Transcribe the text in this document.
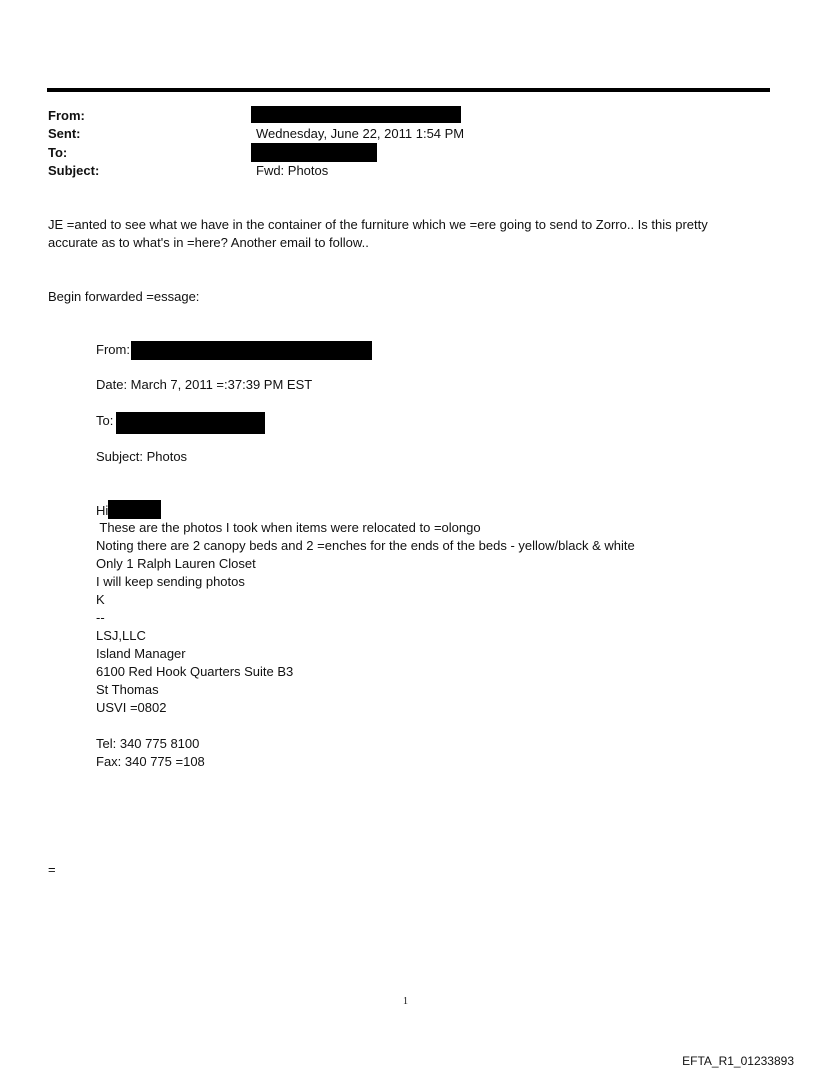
From:
Sent:	Wednesday, June 22, 2011 1:54 PM
To:
Subject:	Fwd: Photos
JE =anted to see what we have in the container of the furniture which we =ere going to send to Zorro.. Is this pretty
accurate as to what's in =here? Another email to follow..
Begin forwarded =essage:
From:
Date: March 7, 2011 =:37:39 PM EST
To:
Subject: Photos
Hi
These are the photos I took when items were relocated to =olongo
Noting there are 2 canopy beds and 2 =enches for the ends of the beds - yellow/black & white
Only 1 Ralph Lauren Closet
I will keep sending photos
K
--
LSJ,LLC
Island Manager
6100 Red Hook Quarters Suite B3
St Thomas
USVI =0802
Tel: 340 775 8100
Fax: 340 775 =108
=
1
EFTA_R1_01233893
